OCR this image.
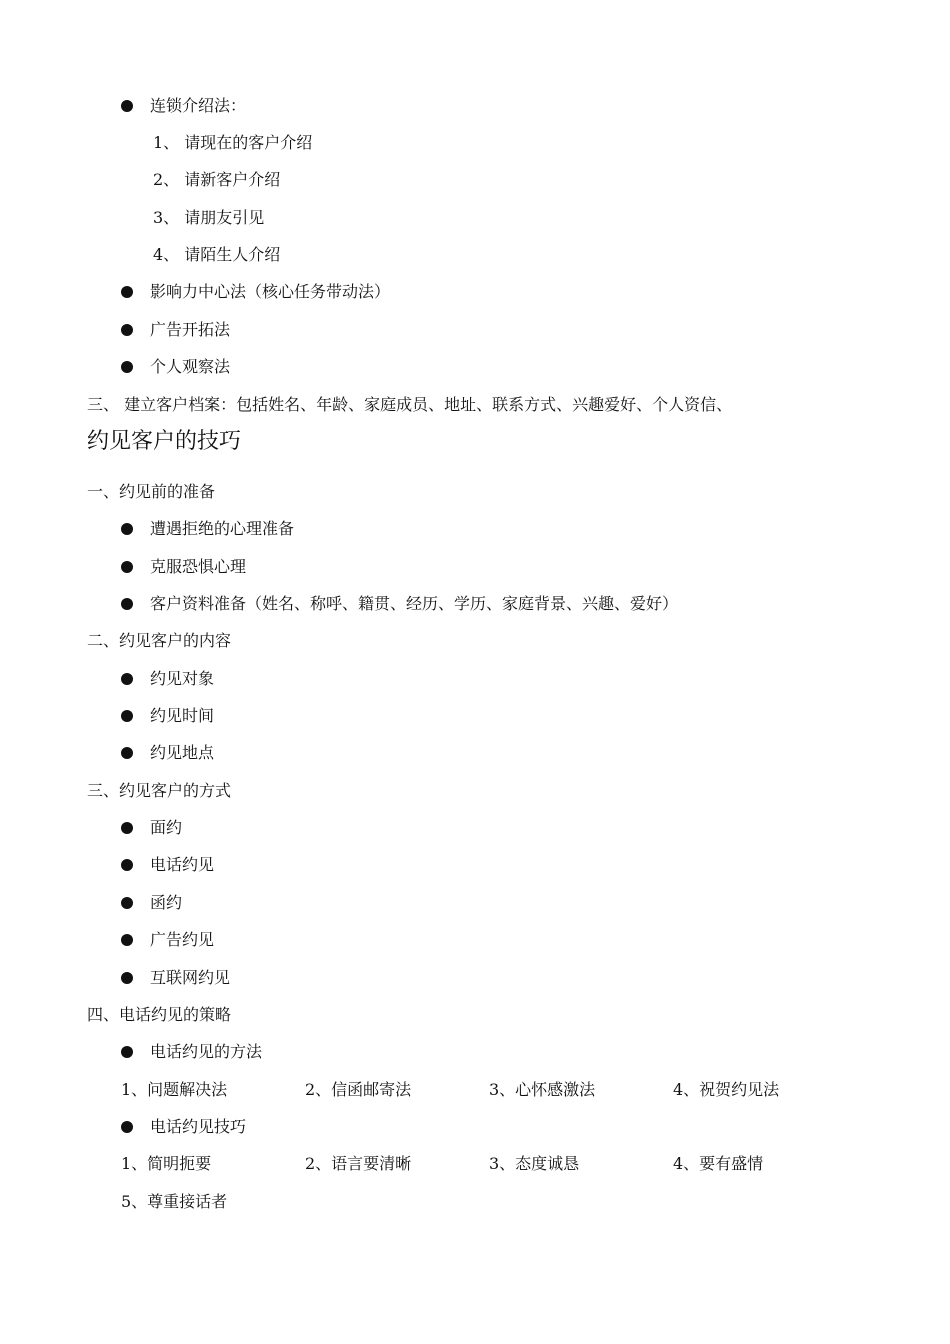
连锁介绍法：
1、 请现在的客户介绍
2、 请新客户介绍
3、 请朋友引见
4、 请陌生人介绍
影响力中心法（核心任务带动法）
广告开拓法
个人观察法
三、 建立客户档案：包括姓名、年龄、家庭成员、地址、联系方式、兴趣爱好、个人资信、
约见客户的技巧
一、约见前的准备
遭遇拒绝的心理准备
克服恐惧心理
客户资料准备（姓名、称呼、籍贯、经历、学历、家庭背景、兴趣、爱好）
二、约见客户的内容
约见对象
约见时间
约见地点
三、约见客户的方式
面约
电话约见
函约
广告约见
互联网约见
四、电话约见的策略
电话约见的方法
1、问题解决法	2、信函邮寄法	3、心怀感激法	4、祝贺约见法
电话约见技巧
1、简明扼要	2、语言要清晰	3、态度诚恳	4、要有盛情
5、尊重接话者
